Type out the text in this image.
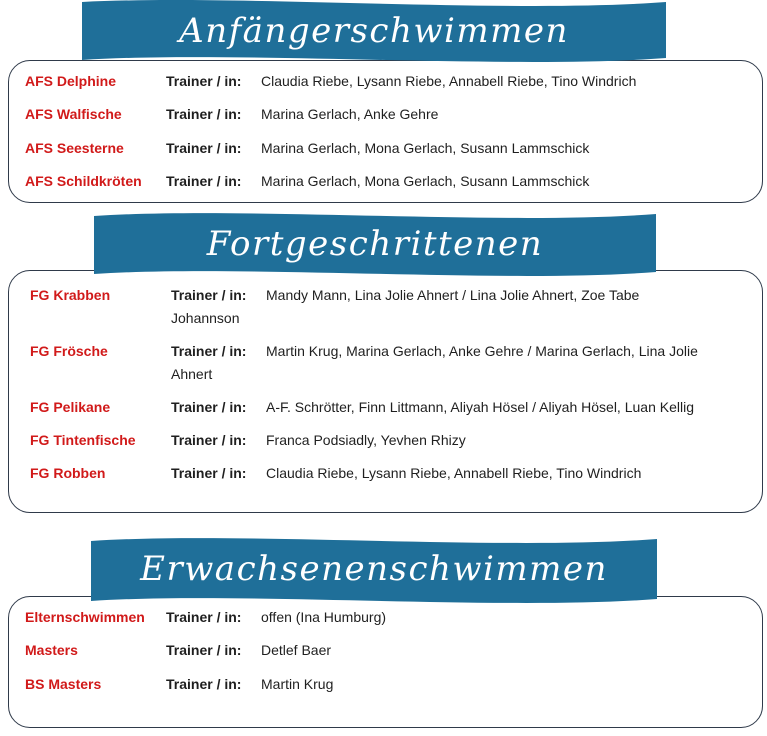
Anfängerschwimmen
AFS Delphine	Trainer / in: Claudia Riebe, Lysann Riebe, Annabell Riebe, Tino Windrich
AFS Walfische	Trainer / in: Marina Gerlach, Anke Gehre
AFS Seesterne	Trainer / in: Marina Gerlach, Mona Gerlach, Susann Lammschick
AFS Schildkröten Trainer / in: Marina Gerlach, Mona Gerlach, Susann Lammschick
Fortgeschrittenen
FG Krabben	Trainer / in: Mandy Mann, Lina Jolie Ahnert / Lina Jolie Ahnert, Zoe Tabe
Johannson
FG Frösche	Trainer / in: Martin Krug, Marina Gerlach, Anke Gehre / Marina Gerlach, Lina Jolie
Ahnert
FG Pelikane	Trainer / in: A-F. Schrötter, Finn Littmann, Aliyah Hösel / Aliyah Hösel, Luan Kellig
FG Tintenfische	Trainer / in: Franca Podsiadly, Yevhen Rhizy
FG Robben	Trainer / in: Claudia Riebe, Lysann Riebe, Annabell Riebe, Tino Windrich
Erwachsenenschwimmen
Elternschwimmen Trainer / in: offen (Ina Humburg)
Masters	Trainer / in: Detlef Baer
BS Masters	Trainer / in: Martin Krug
